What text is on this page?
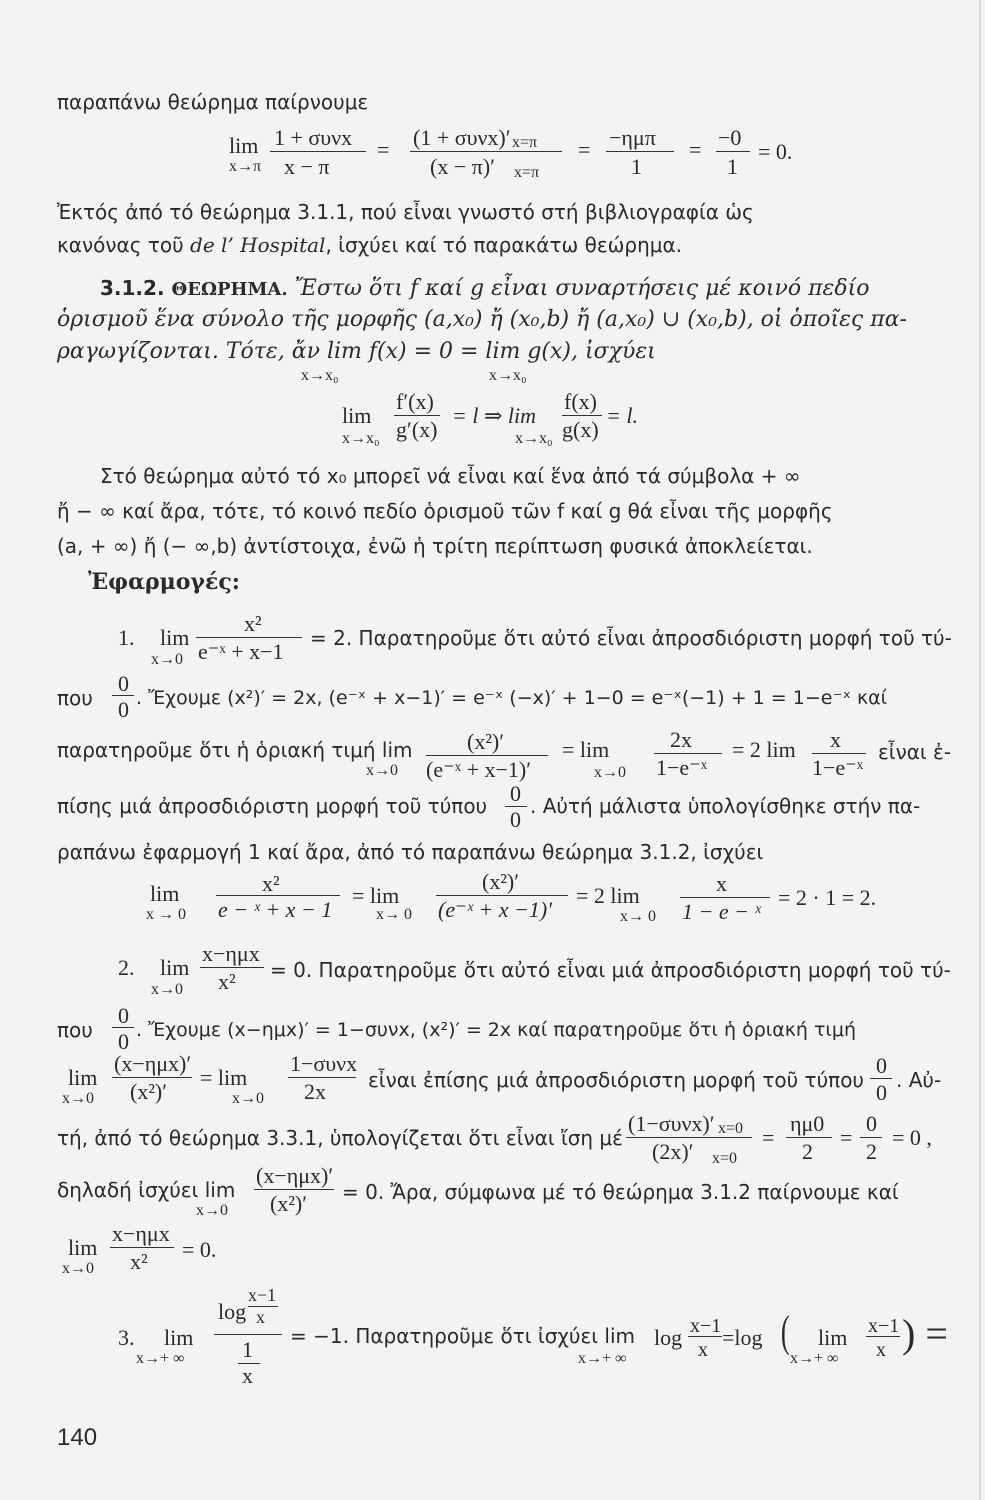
παραπάνω θεώρημα παίρνουμε
lim
x→π
1 + συνx
x − π
= (1 + συνx)′ x=π
(x − π)′ x=π
= −ημπ
1
= −0
1
= 0.
Ἐκτός ἀπό τό θεώρημα 3.1.1, πού εἶναι γνωστό στή βιβλιογραφία ὡς
κανόνας τοῦ de l’ Hospital, ἰσχύει καί τό παρακάτω θεώρημα.
3.1.2. ΘΕΩΡΗΜΑ. Ἔστω ὅτι f καί g εἶναι συναρτήσεις μέ κοινό πεδίο
ὁρισμοῦ ἕνα σύνολο τῆς μορφῆς (a,x₀) ἤ (x₀,b) ἤ (a,x₀) ∪ (x₀,b), οἱ ὁποῖες πα-
ραγωγίζονται. Τότε, ἄν lim f(x) = 0 = lim g(x), ἰσχύει
x→x₀	x→x₀
lim
x→x₀
f′(x)
g′(x)
= l ⇒ lim
x→x₀
f(x)
g(x)
= l.
Στό θεώρημα αὐτό τό x₀ μπορεῖ νά εἶναι καί ἕνα ἀπό τά σύμβολα + ∞
ἤ − ∞ καί ἄρα, τότε, τό κοινό πεδίο ὁρισμοῦ τῶν f καί g θά εἶναι τῆς μορφῆς
(a, + ∞) ἤ (− ∞,b) ἀντίστοιχα, ἐνῶ ἡ τρίτη περίπτωση φυσικά ἀποκλείεται.
Ἐφαρμογές:
1. lim
x→0
x²
e⁻ˣ + x−1
= 2. Παρατηροῦμε ὅτι αὐτό εἶναι ἀπροσδιόριστη μορφή τοῦ τύ-
που
0
0 . Ἔχουμε (x²)′ = 2x, (e⁻ˣ + x−1)′ = e⁻ˣ (−x)′ + 1−0 = e⁻ˣ(−1) + 1 = 1−e⁻ˣ καί
παρατηροῦμε ὅτι ἡ ὁριακή τιμή lim
x→0
(x²)′
(e⁻ˣ + x−1)′
= lim
x→0
2x
1−e⁻ˣ
= 2 lim x
1−e⁻ˣ
εἶναι ἐ-
πίσης μιά ἀπροσδιόριστη μορφή τοῦ τύπου 0
0
. Αὐτή μάλιστα ὑπολογίσθηκε στήν πα-
ραπάνω ἐφαρμογή 1 καί ἄρα, ἀπό τό παραπάνω θεώρημα 3.1.2, ἰσχύει
lim
x → 0
x²
e − ˣ + x − 1
= lim
x→ 0
(x²)′
(e⁻ˣ + x −1)′
= 2 lim
x→ 0
x
1 − e − ˣ
= 2 · 1 = 2.
2. lim
x→0
x−ημx
x² = 0. Παρατηροῦμε ὅτι αὐτό εἶναι μιά ἀπροσδιόριστη μορφή τοῦ τύ-
που
0
0 . Ἔχουμε (x−ημx)′ = 1−συνx, (x²)′ = 2x καί παρατηροῦμε ὅτι ἡ ὁριακή τιμή
lim
x→0
(x−ημx)′
(x²)′
= lim
x→0
1−συνx
2x εἶναι ἐπίσης μιά ἀπροσδιόριστη μορφή τοῦ τύπου
0
0 . Αὐ-
τή, ἀπό τό θεώρημα 3.3.1, ὑπολογίζεται ὅτι εἶναι ἴση μέ
(1−συνx)′ x=0
(2x)′ x=0
=
ημ0
2
=
0
2
= 0 ,
δηλαδή ἰσχύει lim
x→0
(x−ημx)′
(x²)′ = 0. Ἄρα, σύμφωνα μέ τό θεώρημα 3.1.2 παίρνουμε καί
lim
x→0
x−ημx
x² = 0.
3. lim
x→+ ∞
log
x−1
x
1
x
= −1. Παρατηροῦμε ὅτι ἰσχύει lim
x→+ ∞
log x−1
x =log ( lim
x→+ ∞
x−1
x ) =
140
